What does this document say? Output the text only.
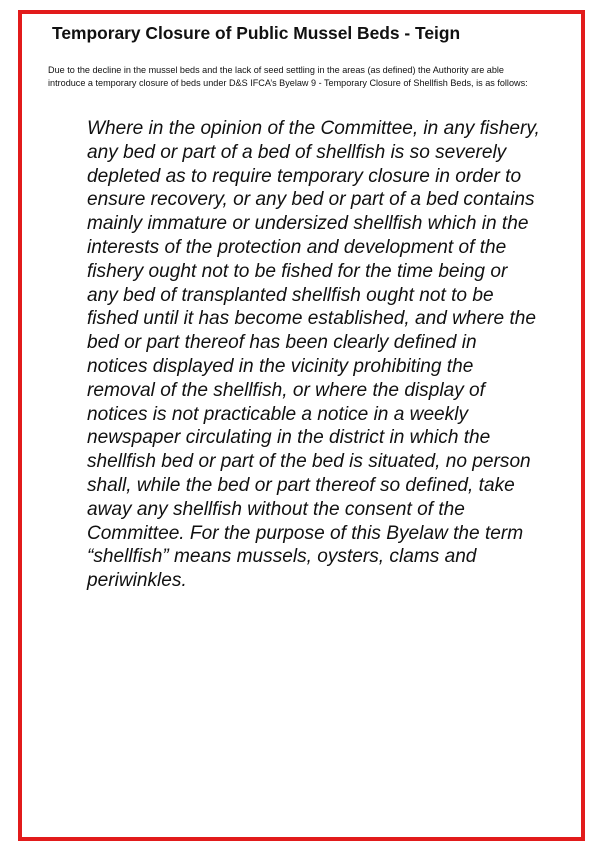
Temporary Closure of Public Mussel Beds - Teign

Due to the decline in the mussel beds and the lack of seed settling in the areas (as defined) the Authority are able introduce a temporary closure of beds under D&S IFCA’s Byelaw 9 - Temporary Closure of Shellfish Beds, is as follows:

Where in the opinion of the Committee, in any fishery, any bed or part of a bed of shellfish is so severely depleted as to require temporary closure in order to ensure recovery, or any bed or part of a bed contains mainly immature or undersized shellfish which in the interests of the protection and development of the fishery ought not to be fished for the time being or any bed of transplanted shellfish ought not to be fished until it has become established, and where the bed or part thereof has been clearly defined in notices displayed in the vicinity prohibiting the removal of the shellfish, or where the display of notices is not practicable a notice in a weekly newspaper circulating in the district in which the shellfish bed or part of the bed is situated, no person shall, while the bed or part thereof so defined, take away any shellfish without the consent of the Committee. For the purpose of this Byelaw the term “shellfish” means mussels, oysters, clams and periwinkles.
